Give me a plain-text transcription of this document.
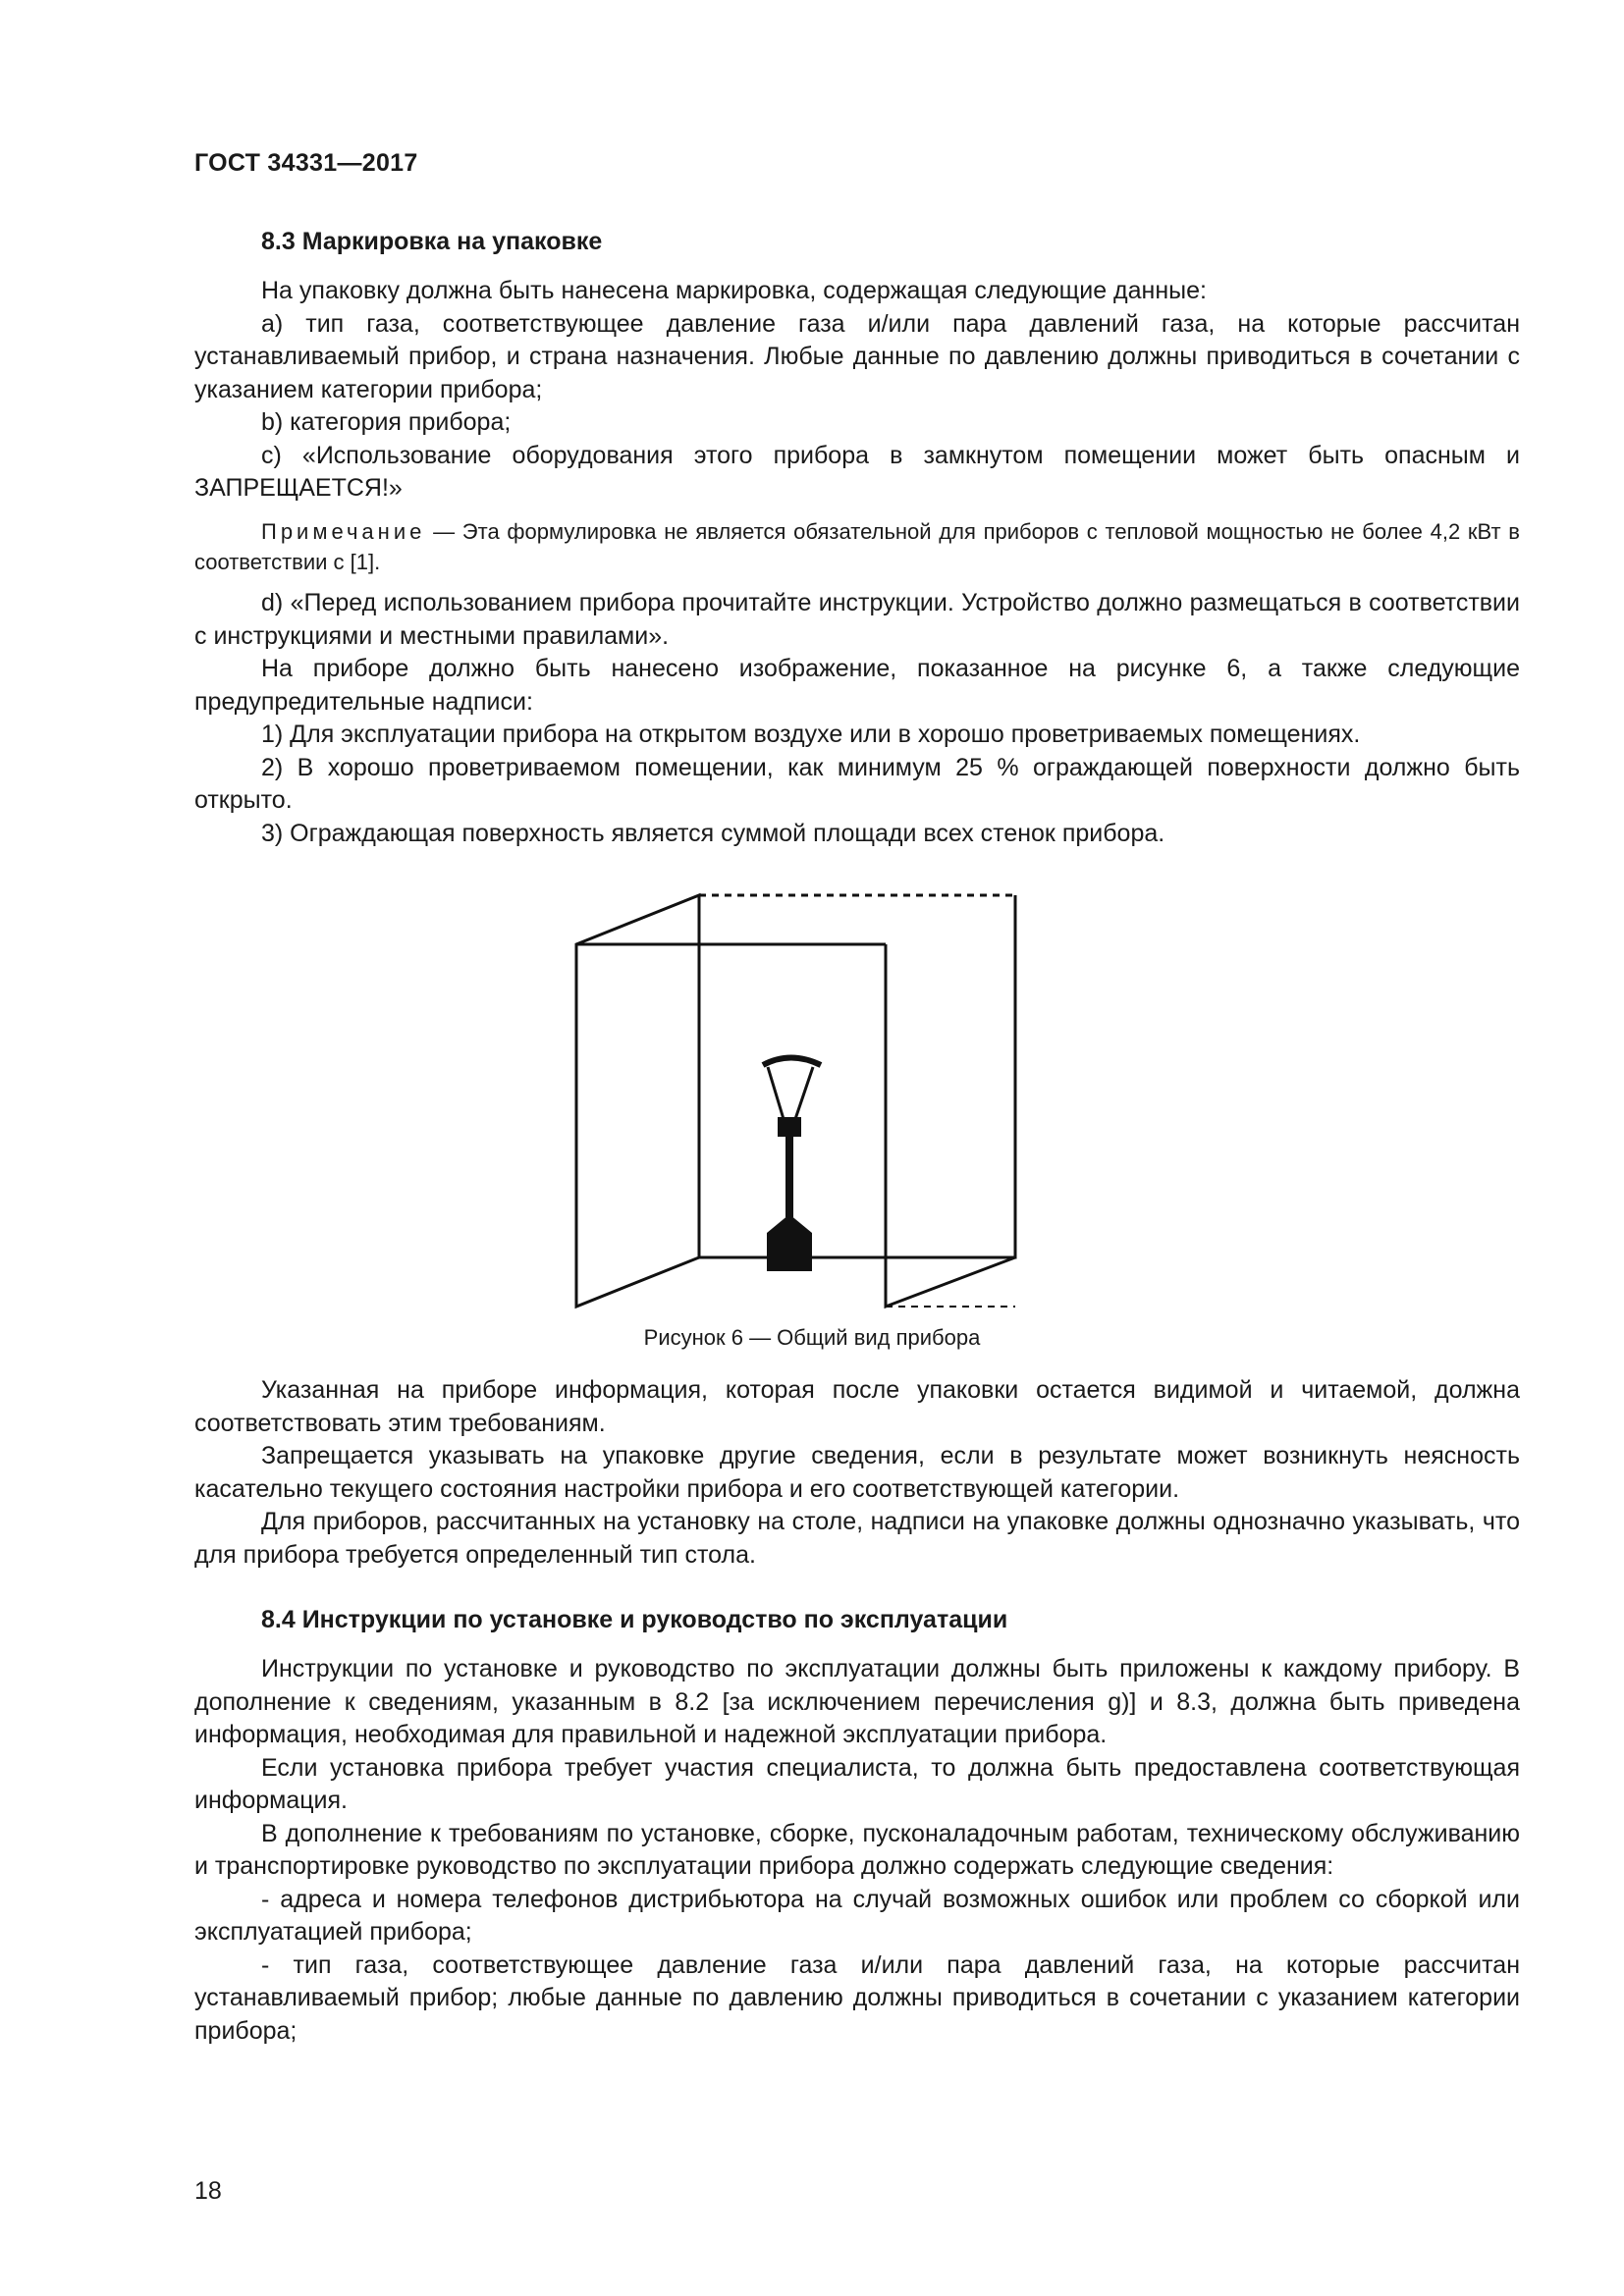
ГОСТ 34331—2017
8.3 Маркировка на упаковке

На упаковку должна быть нанесена маркировка, содержащая следующие данные:

a) тип газа, соответствующее давление газа и/или пара давлений газа, на которые рассчитан устанавливаемый прибор, и страна назначения. Любые данные по давлению должны приводиться в сочетании с указанием категории прибора;

b) категория прибора;

c) «Использование оборудования этого прибора в замкнутом помещении может быть опасным и ЗАПРЕЩАЕТСЯ!»

Примечание — Эта формулировка не является обязательной для приборов с тепловой мощностью не более 4,2 кВт в соответствии с [1].

d) «Перед использованием прибора прочитайте инструкции. Устройство должно размещаться в соответствии с инструкциями и местными правилами».

На приборе должно быть нанесено изображение, показанное на рисунке 6, а также следующие предупредительные надписи:

1) Для эксплуатации прибора на открытом воздухе или в хорошо проветриваемых помещениях.

2) В хорошо проветриваемом помещении, как минимум 25 % ограждающей поверхности должно быть открыто.

3) Ограждающая поверхность является суммой площади всех стенок прибора.

Рисунок 6 — Общий вид прибора

Указанная на приборе информация, которая после упаковки остается видимой и читаемой, должна соответствовать этим требованиям.

Запрещается указывать на упаковке другие сведения, если в результате может возникнуть неясность касательно текущего состояния настройки прибора и его соответствующей категории.

Для приборов, рассчитанных на установку на столе, надписи на упаковке должны однозначно указывать, что для прибора требуется определенный тип стола.

8.4 Инструкции по установке и руководство по эксплуатации

Инструкции по установке и руководство по эксплуатации должны быть приложены к каждому прибору. В дополнение к сведениям, указанным в 8.2 [за исключением перечисления g)] и 8.3, должна быть приведена информация, необходимая для правильной и надежной эксплуатации прибора.

Если установка прибора требует участия специалиста, то должна быть предоставлена соответствующая информация.

В дополнение к требованиям по установке, сборке, пусконаладочным работам, техническому обслуживанию и транспортировке руководство по эксплуатации прибора должно содержать следующие сведения:

- адреса и номера телефонов дистрибьютора на случай возможных ошибок или проблем со сборкой или эксплуатацией прибора;

- тип газа, соответствующее давление газа и/или пара давлений газа, на которые рассчитан устанавливаемый прибор; любые данные по давлению должны приводиться в сочетании с указанием категории прибора;

18
